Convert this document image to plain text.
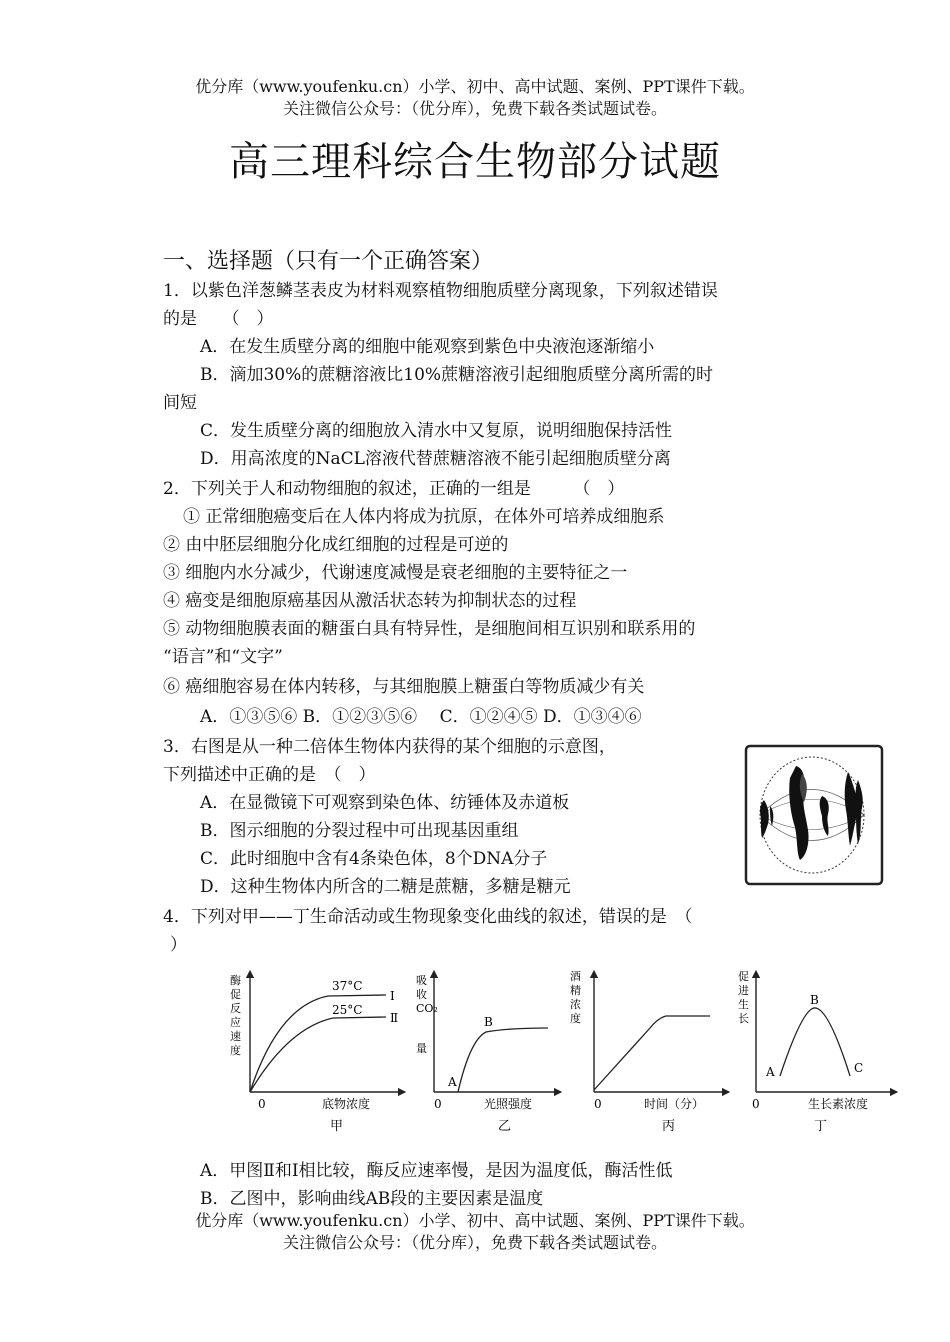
优分库（www.youfenku.cn）小学、初中、高中试题、案例、PPT课件下载。
关注微信公众号：（优分库），免费下载各类试题试卷。
高三理科综合生物部分试题
一、选择题（只有一个正确答案）
1．以紫色洋葱鳞茎表皮为材料观察植物细胞质壁分离现象，下列叙述错误
的是　　（　）
A．在发生质壁分离的细胞中能观察到紫色中央液泡逐渐缩小
B．滴加30%的蔗糖溶液比10%蔗糖溶液引起细胞质壁分离所需的时
间短
C．发生质壁分离的细胞放入清水中又复原，说明细胞保持活性
D．用高浓度的NaCL溶液代替蔗糖溶液不能引起细胞质壁分离
2．下列关于人和动物细胞的叙述，正确的一组是　　　（　）
① 正常细胞癌变后在人体内将成为抗原，在体外可培养成细胞系
② 由中胚层细胞分化成红细胞的过程是可逆的
③ 细胞内水分减少，代谢速度减慢是衰老细胞的主要特征之一
④ 癌变是细胞原癌基因从激活状态转为抑制状态的过程
⑤ 动物细胞膜表面的糖蛋白具有特异性，是细胞间相互识别和联系用的
“语言”和“文字”
⑥ 癌细胞容易在体内转移，与其细胞膜上糖蛋白等物质减少有关
A．①③⑤⑥ B．①②③⑤⑥　 C．①②④⑤ D．①③④⑥
3．右图是从一种二倍体生物体内获得的某个细胞的示意图，
下列描述中正确的是　（　）
A．在显微镜下可观察到染色体、纺锤体及赤道板
B．图示细胞的分裂过程中可出现基因重组
C．此时细胞中含有4条染色体，8个DNA分子
D．这种生物体内所含的二糖是蔗糖，多糖是糖元
4．下列对甲——丁生命活动或生物现象变化曲线的叙述，错误的是　（
）
酶
促
反
应
速
度
37°C
Ⅰ
25°C
Ⅱ
0	底物浓度
甲
吸
收
CO₂
量
A
B
0	光照强度
乙
酒
精
浓
度
0	时间（分）
丙
促
进
生
长
A
B
C
0	生长素浓度
丁
A．甲图Ⅱ和Ⅰ相比较，酶反应速率慢，是因为温度低，酶活性低
B．乙图中，影响曲线AB段的主要因素是温度
优分库（www.youfenku.cn）小学、初中、高中试题、案例、PPT课件下载。
关注微信公众号：（优分库），免费下载各类试题试卷。
